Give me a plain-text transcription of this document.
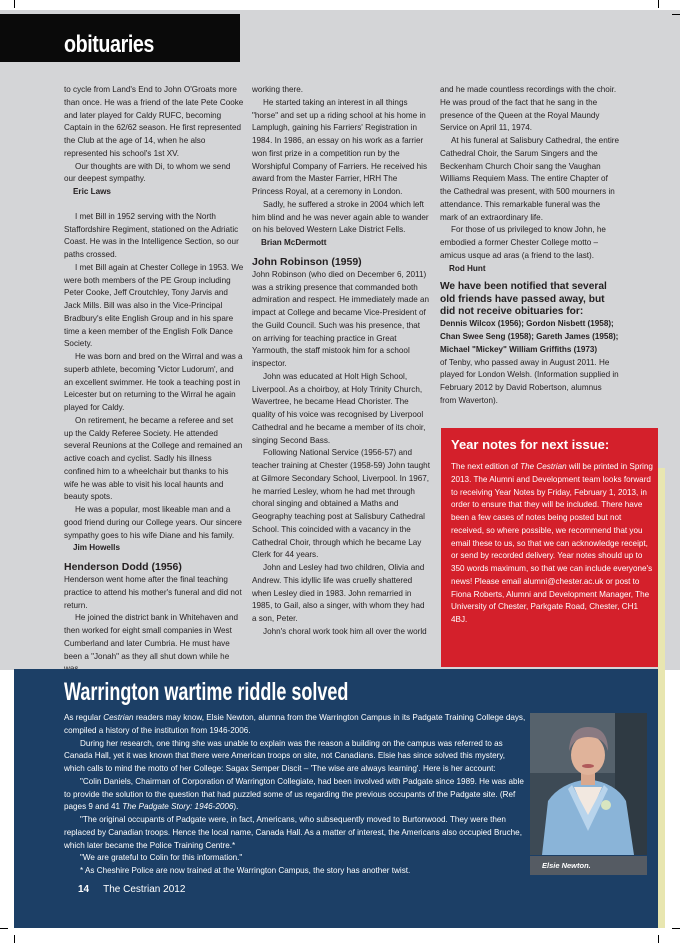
obituaries

to cycle from Land's End to John O'Groats more than once. He was a friend of the late Pete Cooke and later played for Caldy RUFC, becoming Captain in the 62/62 season. He first represented the Club at the age of 14, when he also represented his school's 1st XV.

Our thoughts are with Di, to whom we send our deepest sympathy.

Eric Laws

I met Bill in 1952 serving with the North Staffordshire Regiment, stationed on the Adriatic Coast. He was in the Intelligence Section, so our paths crossed.

I met Bill again at Chester College in 1953. We were both members of the PE Group including Peter Cooke, Jeff Croutchley, Tony Jarvis and Jack Mills. Bill was also in the Vice-Principal Bradbury's elite English Group and in his spare time a keen member of the English Folk Dance Society.

He was born and bred on the Wirral and was a superb athlete, becoming 'Victor Ludorum', and an excellent swimmer. He took a teaching post in Leicester but on returning to the Wirral he again played for Caldy.

On retirement, he became a referee and set up the Caldy Referee Society. He attended several Reunions at the College and remained an active coach and cyclist. Sadly his illness confined him to a wheelchair but thanks to his wife he was able to visit his local haunts and beauty spots.

He was a popular, most likeable man and a good friend during our College years. Our sincere sympathy goes to his wife Diane and his family.

Jim Howells

Henderson Dodd (1956)

Henderson went home after the final teaching practice to attend his mother's funeral and did not return.

He joined the district bank in Whitehaven and then worked for eight small companies in West Cumberland and later Cumbria. He must have been a "Jonah" as they all shut down while he

working there.

He started taking an interest in all things "horse" and set up a riding school at his home in Lamplugh, gaining his Farriers' Registration in 1984. In 1986, an essay on his work as a farrier won first prize in a competition run by the Worshipful Company of Farriers. He received his award from the Master Farrier, HRH The Princess Royal, at a ceremony in London.

Sadly, he suffered a stroke in 2004 which left him blind and he was never again able to wander on his beloved Western Lake District Fells.

Brian McDermott

John Robinson (1959)

John Robinson (who died on December 6, 2011) was a striking presence that commanded both admiration and respect. He immediately made an impact at College and became Vice-President of the Guild Council. Such was his presence, that on arriving for teaching practice in Great Yarmouth, the staff mistook him for a school inspector.

John was educated at Holt High School, Liverpool. As a choirboy, at Holy Trinity Church, Wavertree, he became Head Chorister. The quality of his voice was recognised by Liverpool Cathedral and he became a member of its choir, singing Second Bass.

Following National Service (1956-57) and teacher training at Chester (1958-59) John taught at Gilmore Secondary School, Liverpool. In 1967, he married Lesley, whom he had met through choral singing and obtained a Maths and Geography teaching post at Salisbury Cathedral School. This coincided with a vacancy in the Cathedral Choir, through which he became Lay Clerk for 44 years.

John and Lesley had two children, Olivia and Andrew. This idyllic life was cruelly shattered when Lesley died in 1983. John remarried in 1985, to Gail, also a singer, with whom they had a son, Peter.

John's choral work took him all over the world

and he made countless recordings with the choir. He was proud of the fact that he sang in the presence of the Queen at the Royal Maundy Service on April 11, 1974.

At his funeral at Salisbury Cathedral, the entire Cathedral Choir, the Sarum Singers and the Beckenham Church Choir sang the Vaughan Williams Requiem Mass. The entire Chapter of the Cathedral was present, with 500 mourners in attendance. This remarkable funeral was the mark of an extraordinary life.

For those of us privileged to know John, he embodied a former Chester College motto – amicus usque ad aras (a friend to the last).

Rod Hunt

We have been notified that several old friends have passed away, but did not receive obituaries for:

Dennis Wilcox (1956); Gordon Nisbett (1958); Chan Swee Seng (1958); Gareth James (1958); Michael "Mickey" William Griffiths (1973)

of Tenby, who passed away in August 2011. He played for London Welsh. (Information supplied in February 2012 by David Robertson, alumnus from Waverton).

Year notes for next issue:
The next edition of The Cestrian will be printed in Spring 2013. The Alumni and Development team looks forward to receiving Year Notes by Friday, February 1, 2013, in order to ensure that they will be included. There have been a few cases of notes being posted but not received, so where possible, we recommend that you email these to us, so that we can acknowledge receipt, or send by recorded delivery. Year notes should up to 350 words maximum, so that we can include everyone's news! Please email alumni@chester.ac.uk or post to Fiona Roberts, Alumni and Development Manager, The University of Chester, Parkgate Road, Chester, CH1 4BJ.
Warrington wartime riddle solved

As regular Cestrian readers may know, Elsie Newton, alumna from the Warrington Campus in its Padgate Training College days, compiled a history of the institution from 1946-2006.

During her research, one thing she was unable to explain was the reason a building on the campus was referred to as Canada Hall, yet it was known that there were American troops on site, not Canadians. Elsie has since solved this mystery, which calls to mind the motto of her College: Sagax Semper Discit – 'The wise are always learning'. Here is her account:

"Colin Daniels, Chairman of Corporation of Warrington Collegiate, had been involved with Padgate since 1989. He was able to provide the solution to the question that had puzzled some of us regarding the previous occupants of the Padgate site. (Ref pages 9 and 41 The Padgate Story: 1946-2006).

"The original occupants of Padgate were, in fact, Americans, who subsequently moved to Burtonwood. They were then replaced by Canadian troops. Hence the local name, Canada Hall. As a matter of interest, the Americans also occupied Bruche, which later became the Police Training Centre.*

"We are grateful to Colin for this information."

* As Cheshire Police are now trained at the Warrington Campus, the story has another twist.

Elsie Newton.
14 The Cestrian 2012
